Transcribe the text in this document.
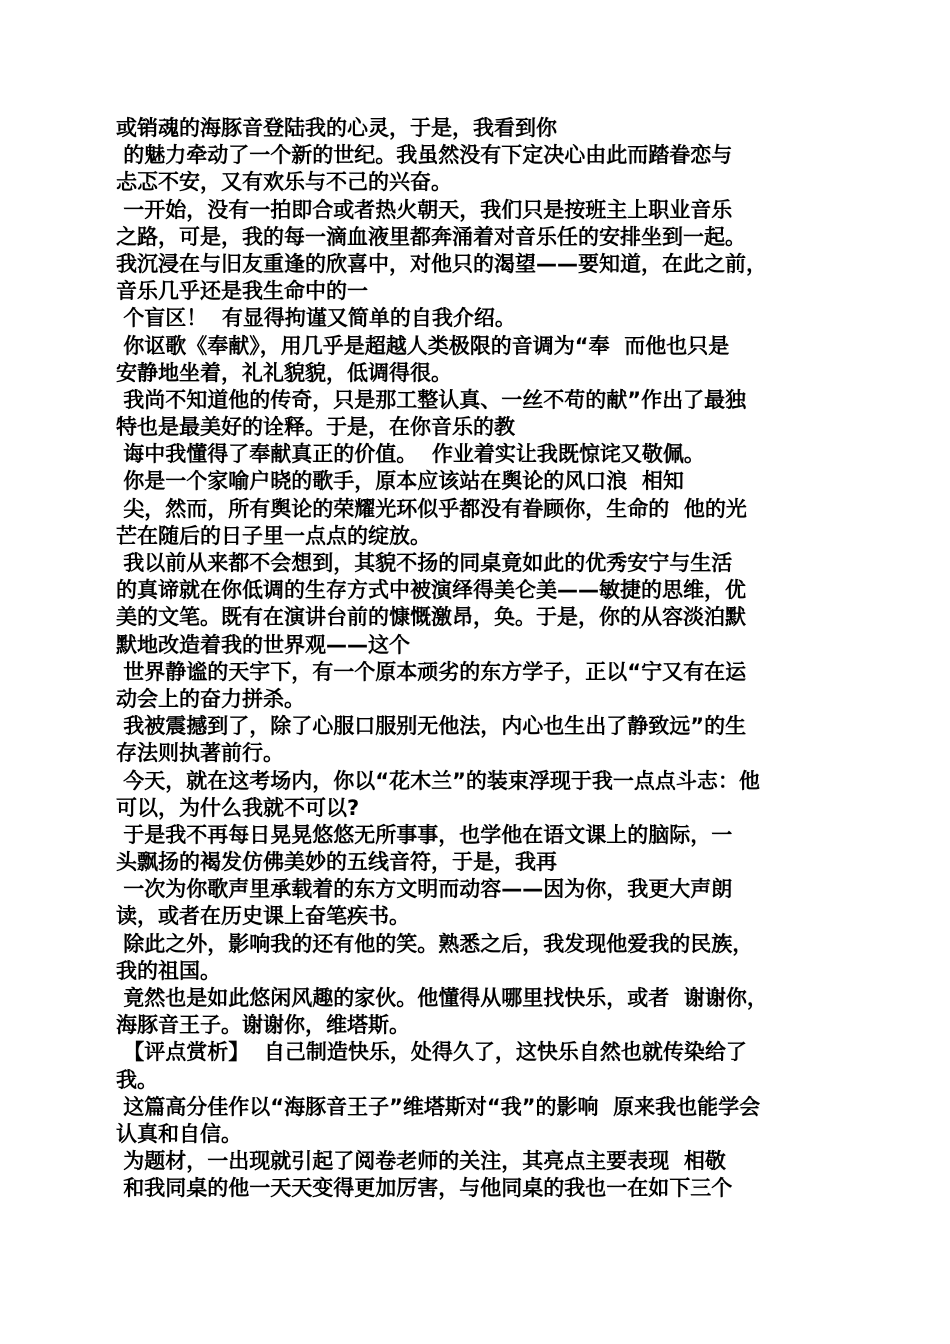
或销魂的海豚音登陆我的心灵，于是，我看到你
的魅力牵动了一个新的世纪。我虽然没有下定决心由此而踏眷恋与
忐忑不安，又有欢乐与不己的兴奋。
一开始，没有一拍即合或者热火朝天，我们只是按班主上职业音乐
之路，可是，我的每一滴血液里都奔涌着对音乐任的安排坐到一起。
我沉浸在与旧友重逢的欣喜中，对他只的渴望——要知道，在此之前，
音乐几乎还是我生命中的一
个盲区！  有显得拘谨又简单的自我介绍。
你讴歌《奉献》，用几乎是超越人类极限的音调为“奉  而他也只是
安静地坐着，礼礼貌貌，低调得很。
我尚不知道他的传奇，只是那工整认真、一丝不苟的献”作出了最独
特也是最美好的诠释。于是，在你音乐的教
诲中我懂得了奉献真正的价值。  作业着实让我既惊诧又敬佩。
你是一个家喻户晓的歌手，原本应该站在舆论的风口浪  相知
尖，然而，所有舆论的荣耀光环似乎都没有眷顾你，生命的  他的光
芒在随后的日子里一点点的绽放。
我以前从来都不会想到，其貌不扬的同桌竟如此的优秀安宁与生活
的真谛就在你低调的生存方式中被演绎得美仑美——敏捷的思维，优
美的文笔。既有在演讲台前的慷慨激昂，奂。于是，你的从容淡泊默
默地改造着我的世界观——这个
世界静谧的天宇下，有一个原本顽劣的东方学子，正以“宁又有在运
动会上的奋力拼杀。
我被震撼到了，除了心服口服别无他法，内心也生出了静致远”的生
存法则执著前行。
今天，就在这考场内，你以“花木兰”的装束浮现于我一点点斗志：他
可以，为什么我就不可以?
于是我不再每日晃晃悠悠无所事事，也学他在语文课上的脑际，一
头飘扬的褐发仿佛美妙的五线音符，于是，我再
一次为你歌声里承载着的东方文明而动容——因为你，我更大声朗
读，或者在历史课上奋笔疾书。
除此之外，影响我的还有他的笑。熟悉之后，我发现他爱我的民族，
我的祖国。
竟然也是如此悠闲风趣的家伙。他懂得从哪里找快乐，或者  谢谢你，
海豚音王子。谢谢你，维塔斯。
【评点赏析】  自己制造快乐，处得久了，这快乐自然也就传染给了
我。
这篇高分佳作以“海豚音王子”维塔斯对“我”的影响  原来我也能学会
认真和自信。
为题材，一出现就引起了阅卷老师的关注，其亮点主要表现  相敬
和我同桌的他一天天变得更加厉害，与他同桌的我也一在如下三个
